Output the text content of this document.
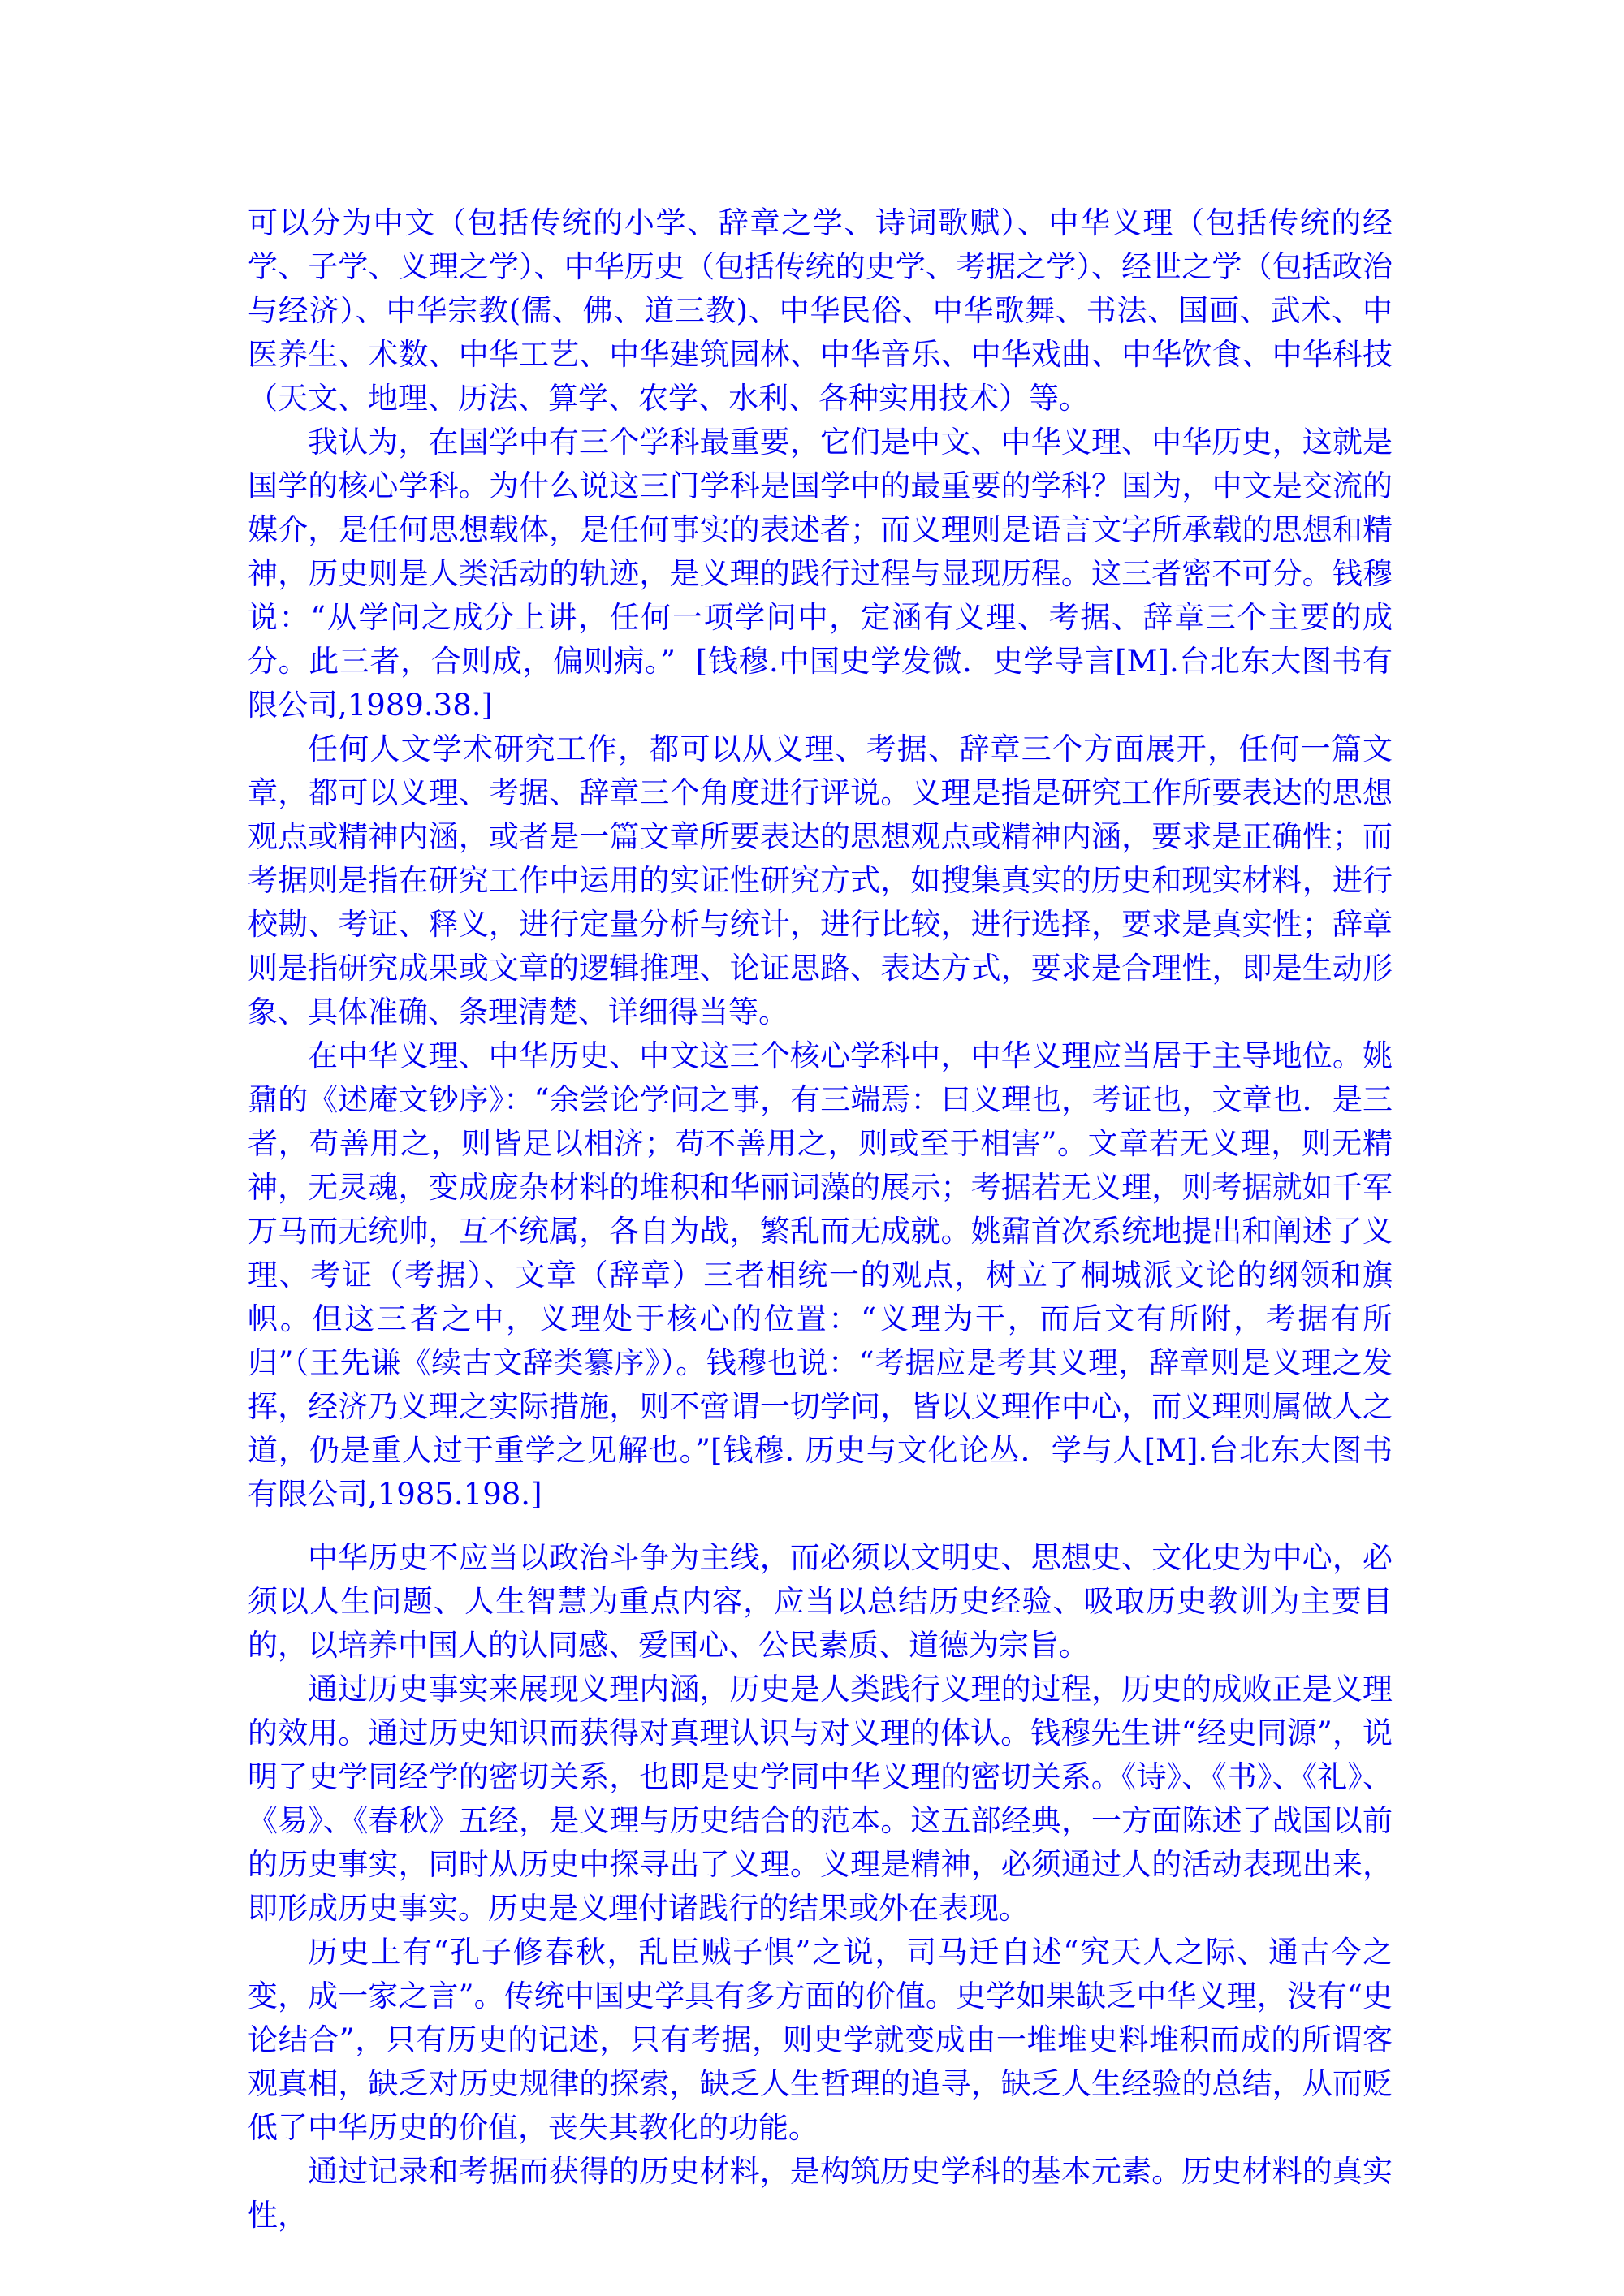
可以分为中文（包括传统的小学、辞章之学、诗词歌赋）、中华义理（包括传统的经学、子学、义理之学）、中华历史（包括传统的史学、考据之学）、经世之学（包括政治与经济）、中华宗教(儒、佛、道三教)、中华民俗、中华歌舞、书法、国画、武术、中医养生、术数、中华工艺、中华建筑园林、中华音乐、中华戏曲、中华饮食、中华科技（天文、地理、历法、算学、农学、水利、各种实用技术）等。

我认为，在国学中有三个学科最重要，它们是中文、中华义理、中华历史，这就是国学的核心学科。为什么说这三门学科是国学中的最重要的学科？国为，中文是交流的媒介，是任何思想载体，是任何事实的表述者；而义理则是语言文字所承载的思想和精神，历史则是人类活动的轨迹，是义理的践行过程与显现历程。这三者密不可分。钱穆说：“从学问之成分上讲，任何一项学问中，定涵有义理、考据、辞章三个主要的成分。此三者，合则成，偏则病。” [钱穆.中国史学发微．史学导言[M].台北东大图书有限公司,1989.38.]

任何人文学术研究工作，都可以从义理、考据、辞章三个方面展开，任何一篇文章，都可以义理、考据、辞章三个角度进行评说。义理是指是研究工作所要表达的思想观点或精神内涵，或者是一篇文章所要表达的思想观点或精神内涵，要求是正确性；而考据则是指在研究工作中运用的实证性研究方式，如搜集真实的历史和现实材料，进行校勘、考证、释义，进行定量分析与统计，进行比较，进行选择，要求是真实性；辞章则是指研究成果或文章的逻辑推理、论证思路、表达方式，要求是合理性，即是生动形象、具体准确、条理清楚、详细得当等。

在中华义理、中华历史、中文这三个核心学科中，中华义理应当居于主导地位。姚鼐的《述庵文钞序》：“余尝论学问之事，有三端焉：曰义理也，考证也，文章也．是三者，苟善用之，则皆足以相济；苟不善用之，则或至于相害”。文章若无义理，则无精神，无灵魂，变成庞杂材料的堆积和华丽词藻的展示；考据若无义理，则考据就如千军万马而无统帅，互不统属，各自为战，繁乱而无成就。姚鼐首次系统地提出和阐述了义理、考证（考据）、文章（辞章）三者相统一的观点，树立了桐城派文论的纲领和旗帜。但这三者之中，义理处于核心的位置：“义理为干，而后文有所附，考据有所归”（王先谦《续古文辞类纂序》）。钱穆也说：“考据应是考其义理，辞章则是义理之发挥，经济乃义理之实际措施，则不啻谓一切学问，皆以义理作中心，而义理则属做人之道，仍是重人过于重学之见解也。”[钱穆. 历史与文化论丛．学与人[M].台北东大图书有限公司,1985.198.]

中华历史不应当以政治斗争为主线，而必须以文明史、思想史、文化史为中心，必须以人生问题、人生智慧为重点内容，应当以总结历史经验、吸取历史教训为主要目的，以培养中国人的认同感、爱国心、公民素质、道德为宗旨。

通过历史事实来展现义理内涵，历史是人类践行义理的过程，历史的成败正是义理的效用。通过历史知识而获得对真理认识与对义理的体认。钱穆先生讲“经史同源”，说明了史学同经学的密切关系，也即是史学同中华义理的密切关系。《诗》、《书》、《礼》、《易》、《春秋》五经，是义理与历史结合的范本。这五部经典，一方面陈述了战国以前的历史事实，同时从历史中探寻出了义理。义理是精神，必须通过人的活动表现出来，即形成历史事实。历史是义理付诸践行的结果或外在表现。

历史上有“孔子修春秋，乱臣贼子惧”之说，司马迁自述“究天人之际、通古今之变，成一家之言”。传统中国史学具有多方面的价值。史学如果缺乏中华义理，没有“史论结合”，只有历史的记述，只有考据，则史学就变成由一堆堆史料堆积而成的所谓客观真相，缺乏对历史规律的探索，缺乏人生哲理的追寻，缺乏人生经验的总结，从而贬低了中华历史的价值，丧失其教化的功能。

通过记录和考据而获得的历史材料，是构筑历史学科的基本元素。历史材料的真实性，
